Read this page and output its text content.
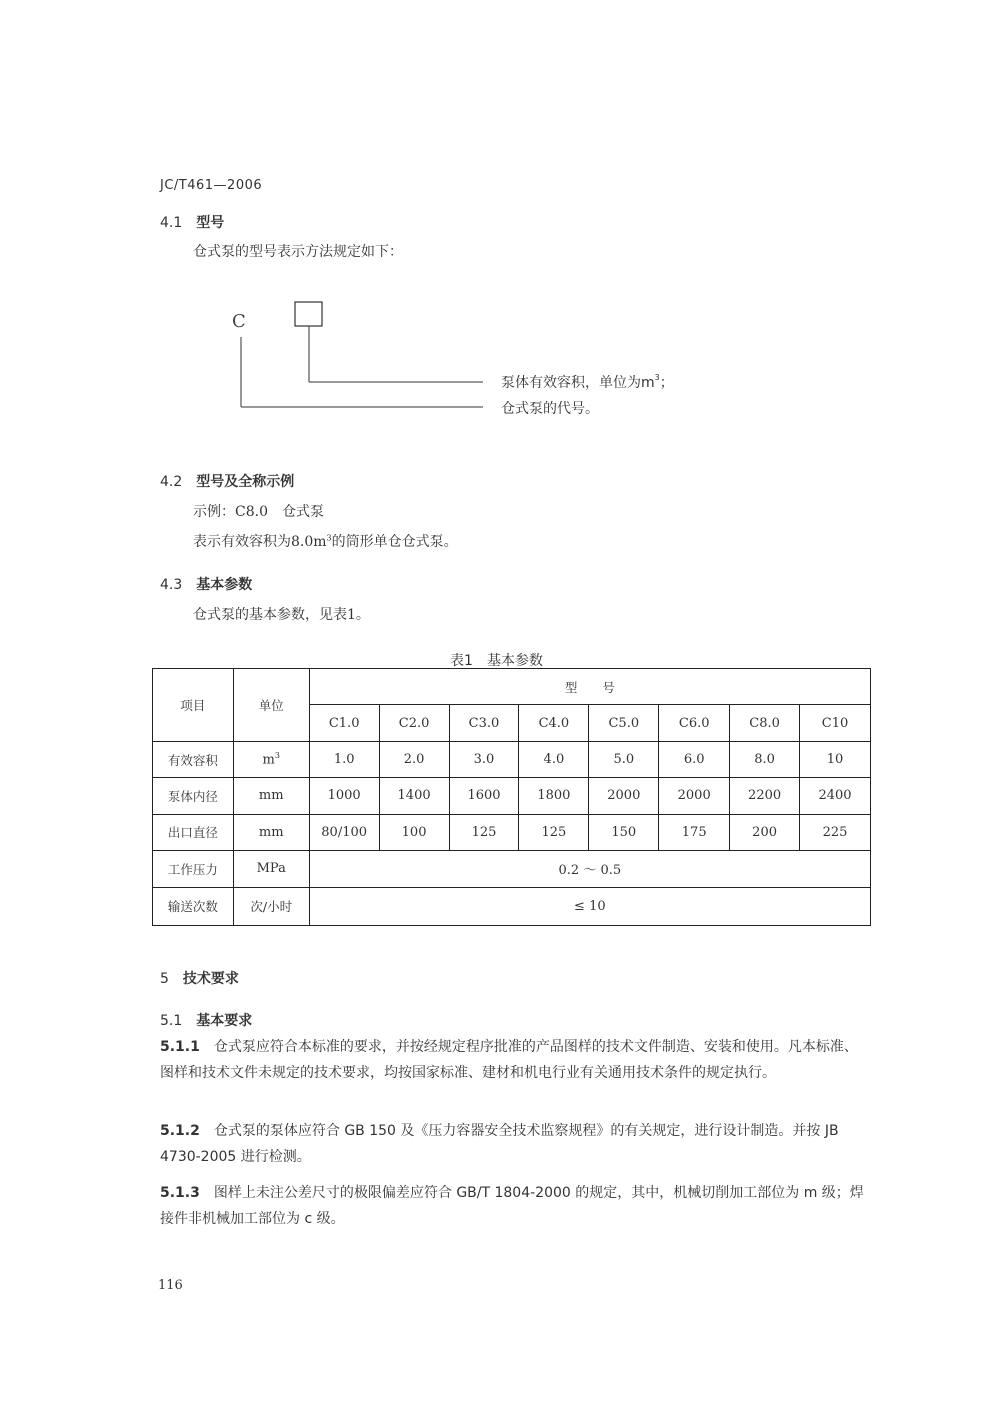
JC/T461—2006
4.1 型号
仓式泵的型号表示方法规定如下：
C
泵体有效容积，单位为$m^3$；
仓式泵的代号。
4.2 型号及全称示例
示例：C8.0　仓式泵
表示有效容积为$8.0m^3$的筒形单仓仓式泵。
4.3 基本参数
仓式泵的基本参数，见表1。
表1　基本参数
项目	单位	型　　号							
		C1.0	C2.0	C3.0	C4.0	C5.0	C6.0	C8.0	C10
有效容积	$m^3$	1.0	2.0	3.0	4.0	5.0	6.0	8.0	10
泵体内径	mm	1000	1400	1600	1800	2000	2000	2200	2400
出口直径	mm	80/100	100	125	125	150	175	200	225
工作压力	MPa	0.2 ～ 0.5							
输送次数	次/小时	≤ 10							
5 技术要求
5.1 基本要求
5.1.1 仓式泵应符合本标准的要求，并按经规定程序批准的产品图样的技术文件制造、安装和使用。凡本标准、图样和技术文件未规定的技术要求，均按国家标准、建材和机电行业有关通用技术条件的规定执行。
5.1.2 仓式泵的泵体应符合 GB 150 及《压力容器安全技术监察规程》的有关规定，进行设计制造。并按 JB 4730-2005 进行检测。
5.1.3 图样上未注公差尺寸的极限偏差应符合 GB/T 1804-2000 的规定，其中，机械切削加工部位为 m 级；焊接件非机械加工部位为 c 级。
116
